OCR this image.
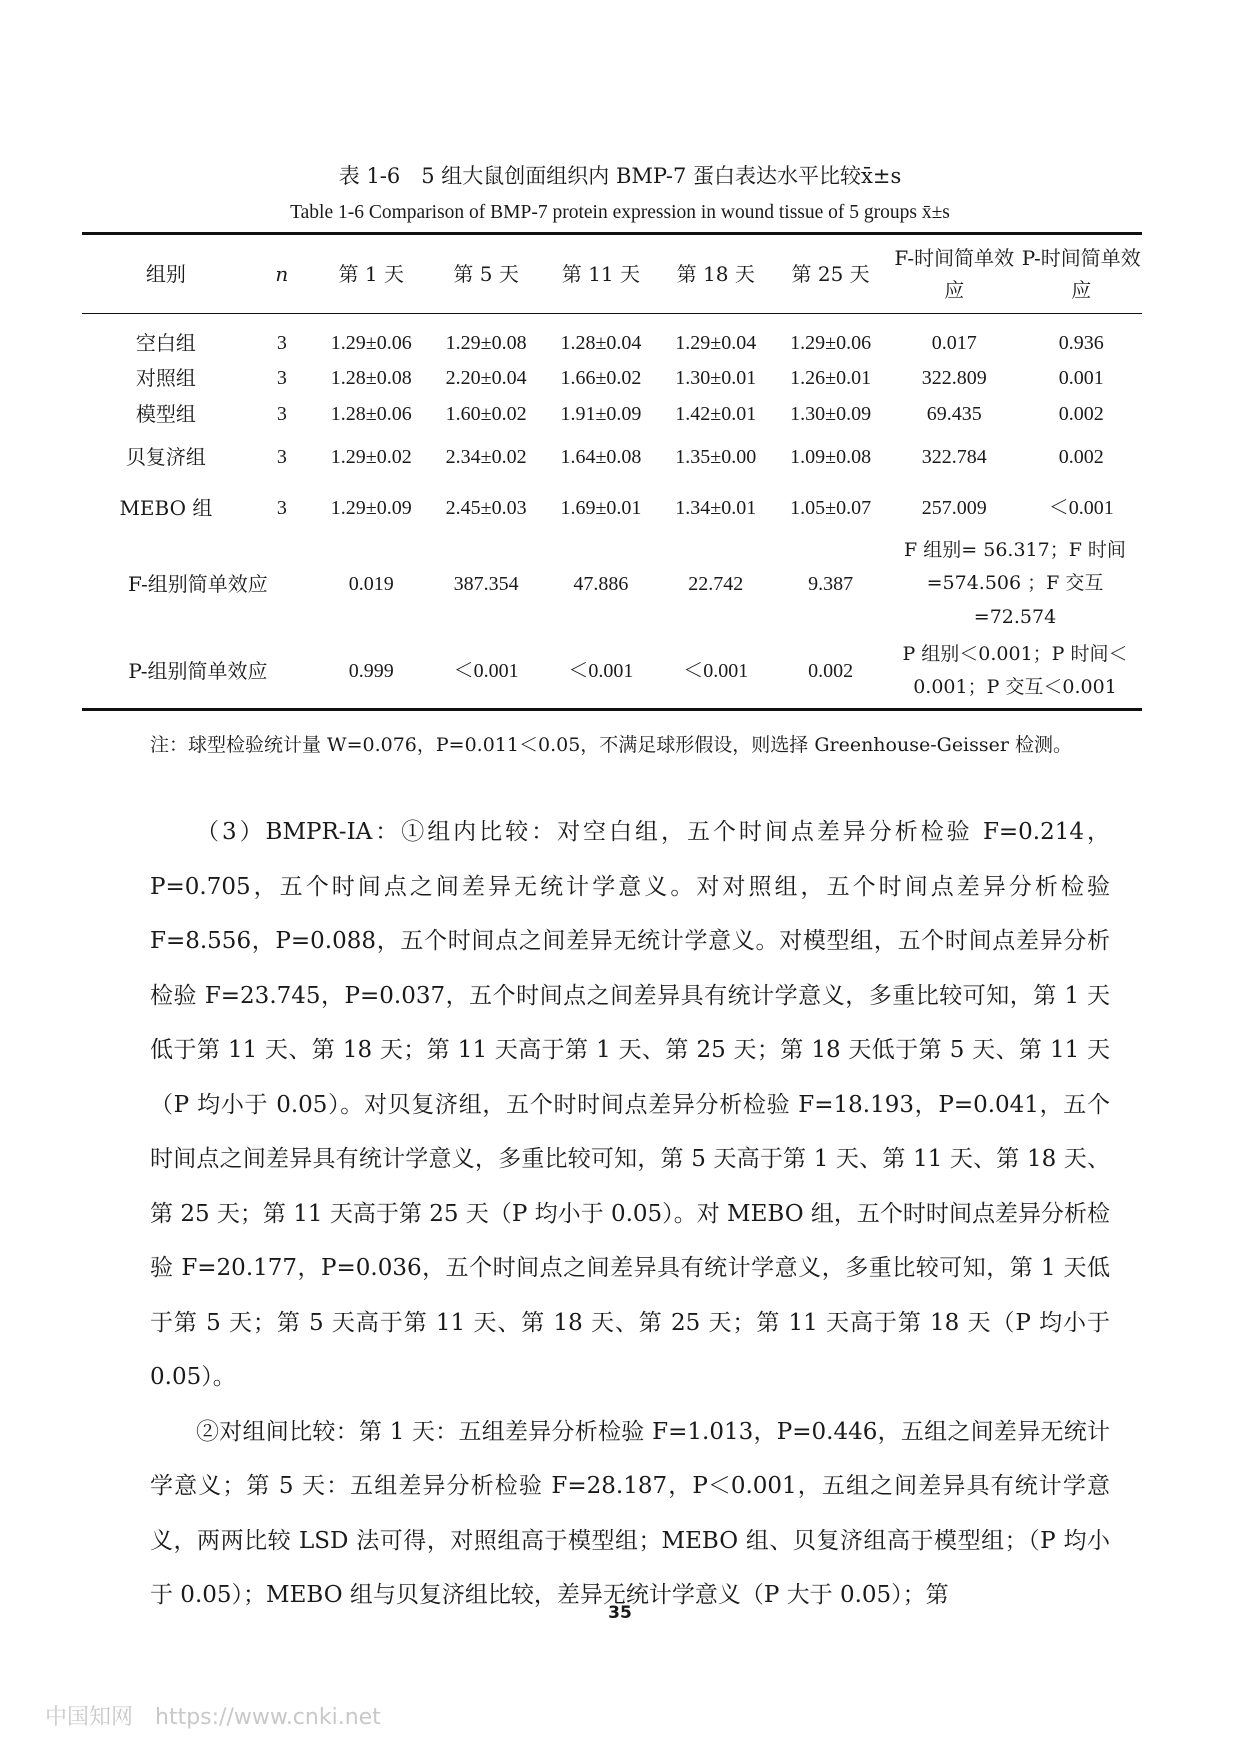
表 1-6　5 组大鼠创面组织内 BMP-7 蛋白表达水平比较x̄±s
Table 1-6 Comparison of BMP-7 protein expression in wound tissue of 5 groups x̄±s
组别	n	第 1 天	第 5 天	第 11 天	第 18 天	第 25 天	F-时间简单效应	P-时间简单效应
空白组	3	1.29±0.06	1.29±0.08	1.28±0.04	1.29±0.04	1.29±0.06	0.017	0.936
对照组	3	1.28±0.08	2.20±0.04	1.66±0.02	1.30±0.01	1.26±0.01	322.809	0.001
模型组	3	1.28±0.06	1.60±0.02	1.91±0.09	1.42±0.01	1.30±0.09	69.435	0.002
贝复济组	3	1.29±0.02	2.34±0.02	1.64±0.08	1.35±0.00	1.09±0.08	322.784	0.002
MEBO 组	3	1.29±0.09	2.45±0.03	1.69±0.01	1.34±0.01	1.05±0.07	257.009	＜0.001
F-组别简单效应		0.019	387.354	47.886	22.742	9.387	F 组别= 56.317；F 时间=574.506 ；F 交互=72.574	
P-组别简单效应		0.999	＜0.001	＜0.001	＜0.001	0.002	P 组别＜0.001；P 时间＜0.001；P 交互＜0.001	
注：球型检验统计量 W=0.076，P=0.011＜0.05，不满足球形假设，则选择 Greenhouse-Geisser 检测。

（3）BMPR-IA：①组内比较：对空白组，五个时间点差异分析检验 F=0.214，P=0.705，五个时间点之间差异无统计学意义。对对照组，五个时间点差异分析检验F=8.556，P=0.088，五个时间点之间差异无统计学意义。对模型组，五个时间点差异分析检验 F=23.745，P=0.037，五个时间点之间差异具有统计学意义，多重比较可知，第 1 天低于第 11 天、第 18 天；第 11 天高于第 1 天、第 25 天；第 18 天低于第 5 天、第 11 天（P 均小于 0.05）。对贝复济组，五个时时间点差异分析检验 F=18.193，P=0.041，五个时间点之间差异具有统计学意义，多重比较可知，第 5 天高于第 1 天、第 11 天、第 18 天、第 25 天；第 11 天高于第 25 天（P 均小于 0.05）。对 MEBO 组，五个时时间点差异分析检验 F=20.177，P=0.036，五个时间点之间差异具有统计学意义，多重比较可知，第 1 天低于第 5 天；第 5 天高于第 11 天、第 18 天、第 25 天；第 11 天高于第 18 天（P 均小于 0.05）。

②对组间比较：第 1 天：五组差异分析检验 F=1.013，P=0.446，五组之间差异无统计学意义；第 5 天：五组差异分析检验 F=28.187，P＜0.001，五组之间差异具有统计学意义，两两比较 LSD 法可得，对照组高于模型组；MEBO 组、贝复济组高于模型组；（P 均小于 0.05）；MEBO 组与贝复济组比较，差异无统计学意义（P 大于 0.05）；第

35
中国知网　https://www.cnki.net
